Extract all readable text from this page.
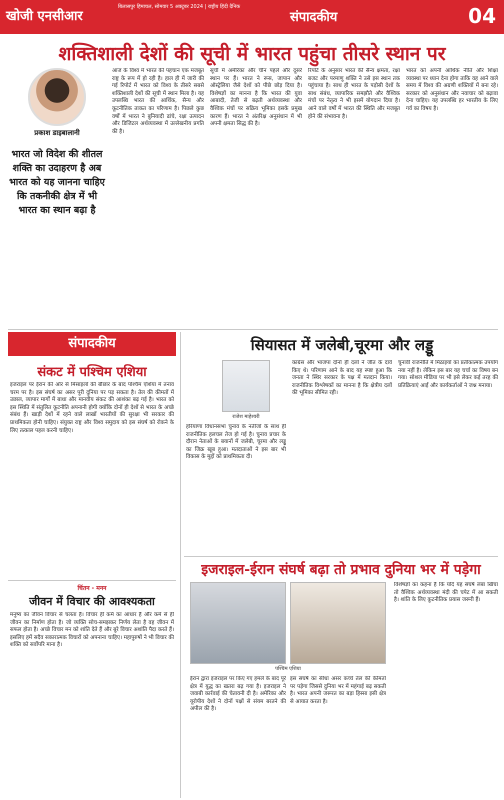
खोजी एनसीआर
बिलासपुर हिमाचल, सोमवार 5 अक्टूबर 2024 | राष्ट्रीय हिंदी दैनिक
संपादकीय	04
शक्तिशाली देशों की सूची में भारत पहुंचा तीसरे स्थान पर
प्रकाश डाइबालानी
भारत जो विदेश की शीतल शक्ति का उदाहरण है अब भारत को यह जानना चाहिए कि तकनीकी क्षेत्र में भी भारत का स्थान बढ़ा है
आज के विश्व में भारत की पहचान एक मजबूत राष्ट्र के रूप में हो रही है। हाल ही में जारी की गई रिपोर्ट में भारत को विश्व के तीसरे सबसे शक्तिशाली देशों की सूची में स्थान मिला है। यह उपलब्धि भारत की आर्थिक, सैन्य और कूटनीतिक ताकत का परिणाम है। पिछले कुछ वर्षों में भारत ने बुनियादी ढांचे, रक्षा उत्पादन और डिजिटल अर्थव्यवस्था में उल्लेखनीय प्रगति की है।
सूची में अमेरिका और चीन पहले और दूसरे स्थान पर हैं। भारत ने रूस, जापान और ऑस्ट्रेलिया जैसे देशों को पीछे छोड़ दिया है। विशेषज्ञों का मानना है कि भारत की युवा आबादी, तेजी से बढ़ती अर्थव्यवस्था और वैश्विक मंचों पर सक्रिय भूमिका इसके प्रमुख कारण हैं। भारत ने अंतरिक्ष अनुसंधान में भी अपनी क्षमता सिद्ध की है।
रिपोर्ट के अनुसार भारत की सैन्य क्षमता, रक्षा बजट और परमाणु शक्ति ने उसे इस स्थान तक पहुंचाया है। साथ ही भारत के पड़ोसी देशों के साथ संबंध, व्यापारिक समझौते और वैश्विक मंचों पर नेतृत्व ने भी इसमें योगदान दिया है। आने वाले वर्षों में भारत की स्थिति और मजबूत होने की संभावना है।
भारत को अपनी आर्थिक नीति और शिक्षा व्यवस्था पर ध्यान देना होगा ताकि वह आने वाले समय में विश्व की अग्रणी शक्तियों में बना रहे। सरकार को अनुसंधान और नवाचार को बढ़ावा देना चाहिए। यह उपलब्धि हर भारतीय के लिए गर्व का विषय है।
संपादकीय
संकट में पश्चिम एशिया
इजराइल पर ईरान की ओर से मिसाइलों की बौछार के बाद पश्चिम एशिया में तनाव चरम पर है। इस संघर्ष का असर पूरी दुनिया पर पड़ सकता है। तेल की कीमतों में उछाल, व्यापार मार्गों में बाधा और मानवीय संकट की आशंका बढ़ गई है। भारत को इस स्थिति में संतुलित कूटनीति अपनानी होगी क्योंकि दोनों ही देशों से भारत के अच्छे संबंध हैं। खाड़ी देशों में रहने वाले लाखों भारतीयों की सुरक्षा भी सरकार की प्राथमिकता होनी चाहिए। संयुक्त राष्ट्र और विश्व समुदाय को इस संघर्ष को रोकने के लिए तत्काल पहल करनी चाहिए।
सियासत में जलेबी,चूरमा और लड्डू
राजेश माहेश्वरी
हरियाणा विधानसभा चुनाव के नतीजों के साथ ही राजनीतिक हलचल तेज हो गई है। चुनाव प्रचार के दौरान नेताओं के बयानों में जलेबी, चूरमा और लड्डू का जिक्र खूब हुआ। मतदाताओं ने इस बार भी विकास के मुद्दों को प्राथमिकता दी।
कांग्रेस और भाजपा दोनों ही दलों ने जीत के दावे किए थे। परिणाम आने के बाद यह स्पष्ट हुआ कि जनता ने स्थिर सरकार के पक्ष में मतदान किया। राजनीतिक विश्लेषकों का मानना है कि क्षेत्रीय दलों की भूमिका सीमित रही।
चुनावी राजनीति में मिठाइयों का प्रतीकात्मक उपयोग नया नहीं है। लेकिन इस बार यह चर्चा का विषय बन गया। सोशल मीडिया पर भी इसे लेकर कई तरह की प्रतिक्रियाएं आईं और कार्यकर्ताओं ने जश्न मनाया।
चिंतन - मनन
जीवन में विचार की आवश्यकता
मनुष्य का जीवन विचार से चलता है। विचार ही कर्म का आधार है और कर्म से ही जीवन का निर्माण होता है। जो व्यक्ति सोच-समझकर निर्णय लेता है वह जीवन में सफल होता है। अच्छे विचार मन को शांति देते हैं और बुरे विचार अशांति पैदा करते हैं। इसलिए हमें सदैव सकारात्मक विचारों को अपनाना चाहिए। महापुरुषों ने भी विचार की शक्ति को सर्वोपरि माना है।
इजराइल-ईरान संघर्ष बढ़ा तो प्रभाव दुनिया भर में पड़ेगा
पश्चिम एशिया
ईरान द्वारा इजराइल पर किए गए हमले के बाद पूरे क्षेत्र में युद्ध का खतरा बढ़ गया है। इजराइल ने जवाबी कार्रवाई की चेतावनी दी है। अमेरिका और यूरोपीय देशों ने दोनों पक्षों से संयम बरतने की अपील की है।
इस संघर्ष का सीधा असर कच्चे तेल की कीमतों पर पड़ेगा जिससे दुनिया भर में महंगाई बढ़ सकती है। भारत अपनी जरूरत का बड़ा हिस्सा इसी क्षेत्र से आयात करता है।
विशेषज्ञों का कहना है कि यदि यह संघर्ष लंबा खिंचा तो वैश्विक अर्थव्यवस्था मंदी की चपेट में आ सकती है। शांति के लिए कूटनीतिक प्रयास जरूरी हैं।
